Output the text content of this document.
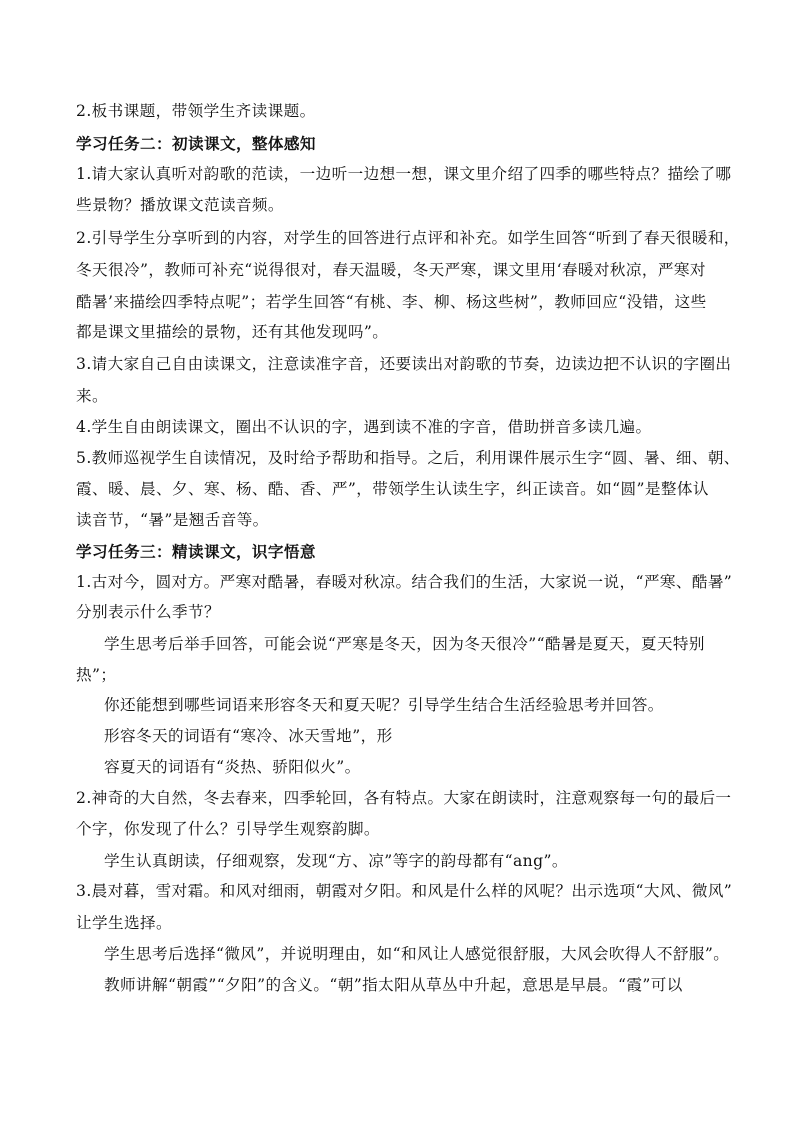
2.板书课题，带领学生齐读课题。
学习任务二：初读课文，整体感知
1.请大家认真听对韵歌的范读，一边听一边想一想，课文里介绍了四季的哪些特点？描绘了哪
些景物？播放课文范读音频。
2.引导学生分享听到的内容，对学生的回答进行点评和补充。如学生回答“听到了春天很暖和，
冬天很冷”，教师可补充“说得很对，春天温暖，冬天严寒，课文里用‘春暖对秋凉，严寒对
酷暑’来描绘四季特点呢”；若学生回答“有桃、李、柳、杨这些树”，教师回应“没错，这些
都是课文里描绘的景物，还有其他发现吗”。
3.请大家自己自由读课文，注意读准字音，还要读出对韵歌的节奏，边读边把不认识的字圈出
来。
4.学生自由朗读课文，圈出不认识的字，遇到读不准的字音，借助拼音多读几遍。
5.教师巡视学生自读情况，及时给予帮助和指导。之后，利用课件展示生字“圆、暑、细、朝、
霞、暖、晨、夕、寒、杨、酷、香、严”，带领学生认读生字，纠正读音。如“圆”是整体认
读音节，“暑”是翘舌音等。
学习任务三：精读课文，识字悟意
1.古对今，圆对方。严寒对酷暑，春暖对秋凉。结合我们的生活，大家说一说，“严寒、酷暑”
分别表示什么季节？
学生思考后举手回答，可能会说“严寒是冬天，因为冬天很冷”“酷暑是夏天，夏天特别
热”；
你还能想到哪些词语来形容冬天和夏天呢？引导学生结合生活经验思考并回答。
形容冬天的词语有“寒冷、冰天雪地”，形
容夏天的词语有“炎热、骄阳似火”。
2.神奇的大自然，冬去春来，四季轮回，各有特点。大家在朗读时，注意观察每一句的最后一
个字，你发现了什么？引导学生观察韵脚。
学生认真朗读，仔细观察，发现“方、凉”等字的韵母都有“ang”。
3.晨对暮，雪对霜。和风对细雨，朝霞对夕阳。和风是什么样的风呢？出示选项“大风、微风”
让学生选择。
学生思考后选择“微风”，并说明理由，如“和风让人感觉很舒服，大风会吹得人不舒服”。
教师讲解“朝霞”“夕阳”的含义。“朝”指太阳从草丛中升起，意思是早晨。“霞”可以
